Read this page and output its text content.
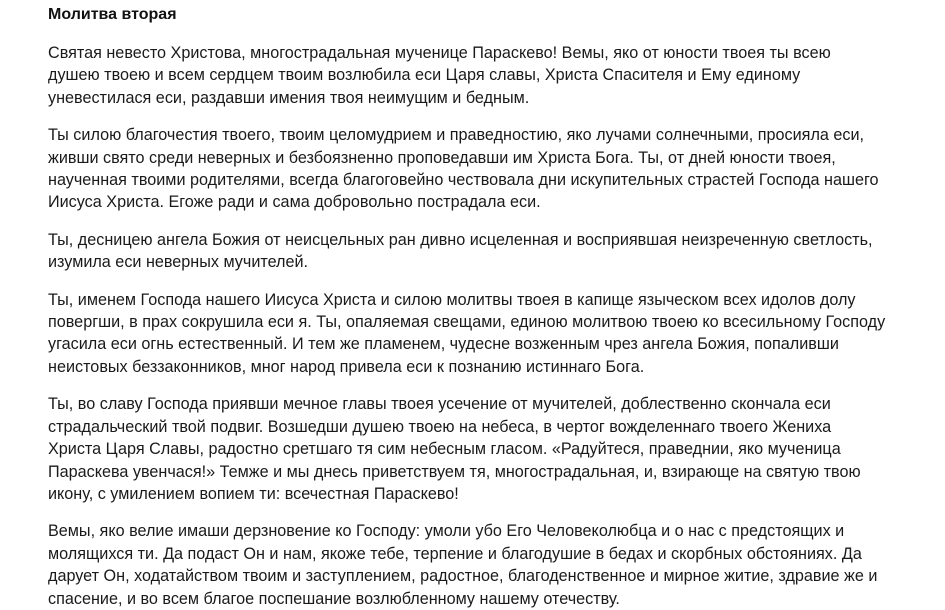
Молитва вторая

Святая невесто Христова, многострадальная мученице Параскево! Вемы, яко от юности твоея ты всею
душею твоею и всем сердцем твоим возлюбила еси Царя славы, Христа Спасителя и Ему единому
уневестилася еси, раздавши имения твоя неимущим и бедным.

Ты силою благочестия твоего, твоим целомудрием и праведностию, яко лучами солнечными, просияла еси,
живши свято среди неверных и безбоязненно проповедавши им Христа Бога. Ты, от дней юности твоея,
наученная твоими родителями, всегда благоговейно чествовала дни искупительных страстей Господа нашего
Иисуса Христа. Егоже ради и сама добровольно пострадала еси.

Ты, десницею ангела Божия от неисцельных ран дивно исцеленная и восприявшая неизреченную светлость,
изумила еси неверных мучителей.

Ты, именем Господа нашего Иисуса Христа и силою молитвы твоея в капище языческом всех идолов долу
повергши, в прах сокрушила еси я. Ты, опаляемая свещами, единою молитвою твоею ко всесильному Господу
угасила еси огнь естественный. И тем же пламенем, чудесне возженным чрез ангела Божия, попаливши
неистовых беззаконников, мног народ привела еси к познанию истиннаго Бога.

Ты, во славу Господа приявши мечное главы твоея усечение от мучителей, доблественно скончала еси
страдальческий твой подвиг. Возшедши душею твоею на небеса, в чертог вожделеннаго твоего Жениха
Христа Царя Славы, радостно сретшаго тя сим небесным гласом. «Радуйтеся, праведнии, яко мученица
Параскева увенчася!» Темже и мы днесь приветствуем тя, многострадальная, и, взирающе на святую твою
икону, с умилением вопием ти: всечестная Параскево!

Вемы, яко велие имаши дерзновение ко Господу: умоли убо Его Человеколюбца и о нас с предстоящих и
молящихся ти. Да подаст Он и нам, якоже тебе, терпение и благодушие в бедах и скорбных обстояниях. Да
дарует Он, ходатайством твоим и заступлением, радостное, благоденственное и мирное житие, здравие же и
спасение, и во всем благое поспешание возлюбленному нашему отечеству.
